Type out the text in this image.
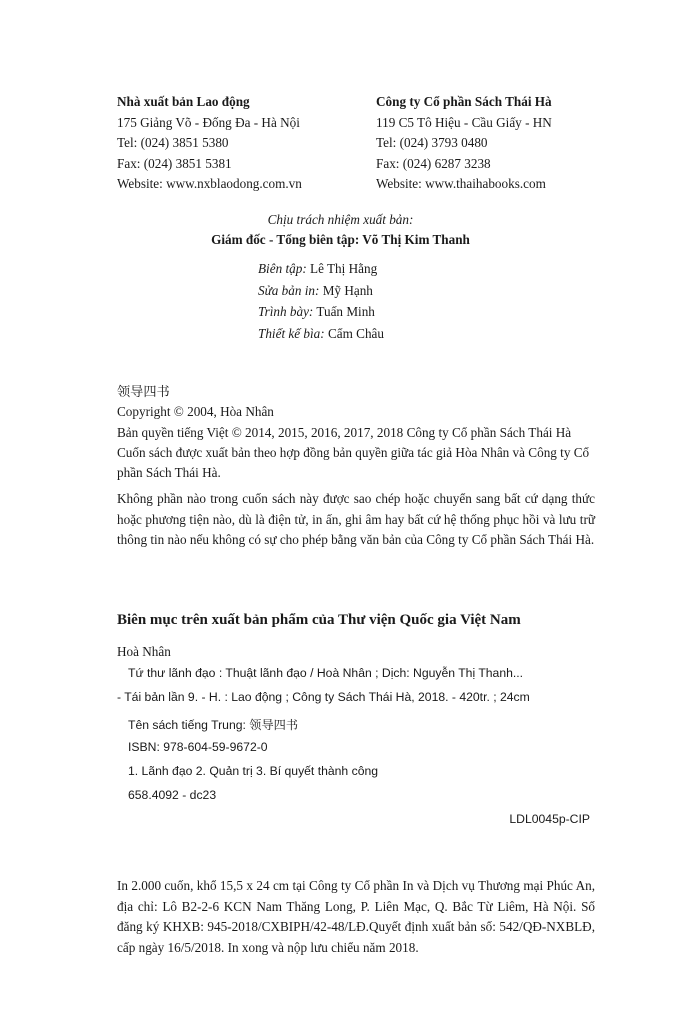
Nhà xuất bản Lao động
175 Giảng Võ - Đống Đa - Hà Nội
Tel: (024) 3851 5380
Fax: (024) 3851 5381
Website: www.nxblaodong.com.vn
Công ty Cổ phần Sách Thái Hà
119 C5 Tô Hiệu - Cầu Giấy - HN
Tel: (024) 3793 0480
Fax: (024) 6287 3238
Website: www.thaihabooks.com
Chịu trách nhiệm xuất bản:
Giám đốc - Tổng biên tập: Võ Thị Kim Thanh
Biên tập: Lê Thị Hằng
Sửa bản in: Mỹ Hạnh
Trình bày: Tuấn Minh
Thiết kế bìa: Cẩm Châu

领导四书

Copyright © 2004, Hòa Nhân

Bản quyền tiếng Việt © 2014, 2015, 2016, 2017, 2018 Công ty Cổ phần Sách Thái Hà

Cuốn sách được xuất bản theo hợp đồng bản quyền giữa tác giả Hòa Nhân và Công ty Cổ phần Sách Thái Hà.

Không phần nào trong cuốn sách này được sao chép hoặc chuyển sang bất cứ dạng thức hoặc phương tiện nào, dù là điện tử, in ấn, ghi âm hay bất cứ hệ thống phục hồi và lưu trữ thông tin nào nếu không có sự cho phép bằng văn bản của Công ty Cổ phần Sách Thái Hà.

Biên mục trên xuất bản phẩm của Thư viện Quốc gia Việt Nam
Hoà Nhân
Tứ thư lãnh đạo : Thuật lãnh đạo / Hoà Nhân ; Dịch: Nguyễn Thị Thanh...
- Tái bản lần 9. - H. : Lao động ; Công ty Sách Thái Hà, 2018. - 420tr. ; 24cm
Tên sách tiếng Trung: 领导四书
ISBN: 978-604-59-9672-0
1. Lãnh đạo 2. Quản trị 3. Bí quyết thành công
658.4092 - dc23
LDL0045p-CIP
In 2.000 cuốn, khổ 15,5 x 24 cm tại Công ty Cổ phần In và Dịch vụ Thương mại Phúc An, địa chỉ: Lô B2-2-6 KCN Nam Thăng Long, P. Liên Mạc, Q. Bắc Từ Liêm, Hà Nội. Số đăng ký KHXB: 945-2018/CXBIPH/42-48/LĐ.Quyết định xuất bản số: 542/QĐ-NXBLĐ, cấp ngày 16/5/2018. In xong và nộp lưu chiểu năm 2018.
